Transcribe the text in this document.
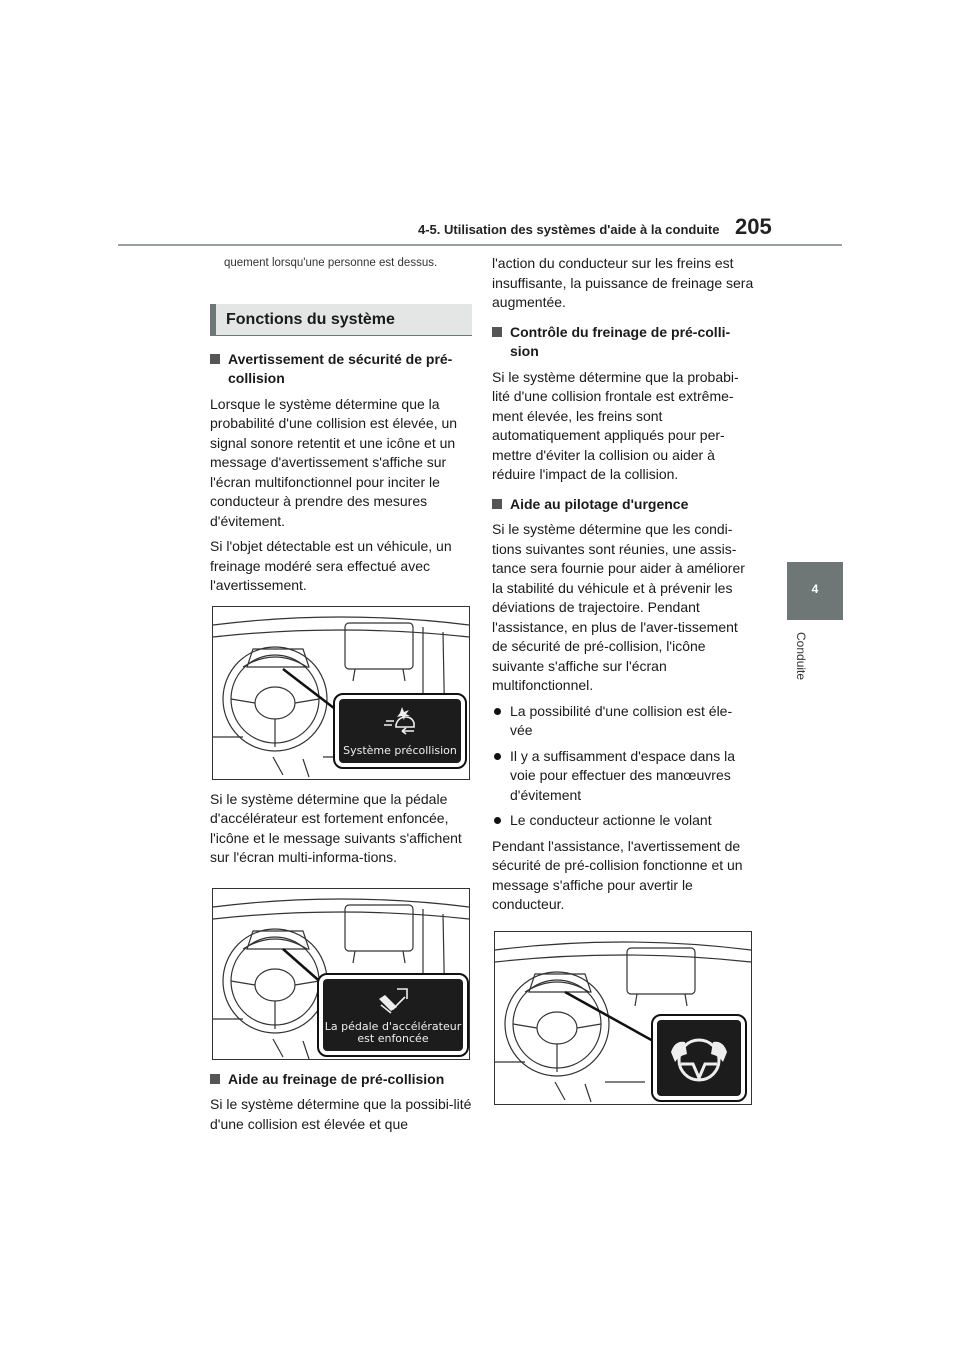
4-5. Utilisation des systèmes d'aide à la conduite 205
4
Conduite

quement lorsqu'une personne est dessus.

Fonctions du système
Avertissement de sécurité de pré-collision

Lorsque le système détermine que la probabilité d'une collision est élevée, un signal sonore retentit et une icône et un message d'avertissement s'affiche sur l'écran multifonctionnel pour inciter le conducteur à prendre des mesures d'évitement.

Si l'objet détectable est un véhicule, un freinage modéré sera effectué avec l'avertissement.

Système précollision

Si le système détermine que la pédale d'accélérateur est fortement enfoncée, l'icône et le message suivants s'affichent sur l'écran multi-informa-tions.

La pédale d'accélérateur
est enfoncée
Aide au freinage de pré-collision

Si le système détermine que la possibi-lité d'une collision est élevée et que

l'action du conducteur sur les freins est insuffisante, la puissance de freinage sera augmentée.

Contrôle du freinage de pré-colli-sion

Si le système détermine que la probabi-lité d'une collision frontale est extrême-ment élevée, les freins sont automatiquement appliqués pour per-mettre d'éviter la collision ou aider à réduire l'impact de la collision.

Aide au pilotage d'urgence

Si le système détermine que les condi-tions suivantes sont réunies, une assis-tance sera fournie pour aider à améliorer la stabilité du véhicule et à prévenir les déviations de trajectoire. Pendant l'assistance, en plus de l'aver-tissement de sécurité de pré-collision, l'icône suivante s'affiche sur l'écran multifonctionnel.

La possibilité d'une collision est éle-vée
Il y a suffisamment d'espace dans la voie pour effectuer des manœuvres d'évitement
Le conducteur actionne le volant

Pendant l'assistance, l'avertissement de sécurité de pré-collision fonctionne et un message s'affiche pour avertir le conducteur.
